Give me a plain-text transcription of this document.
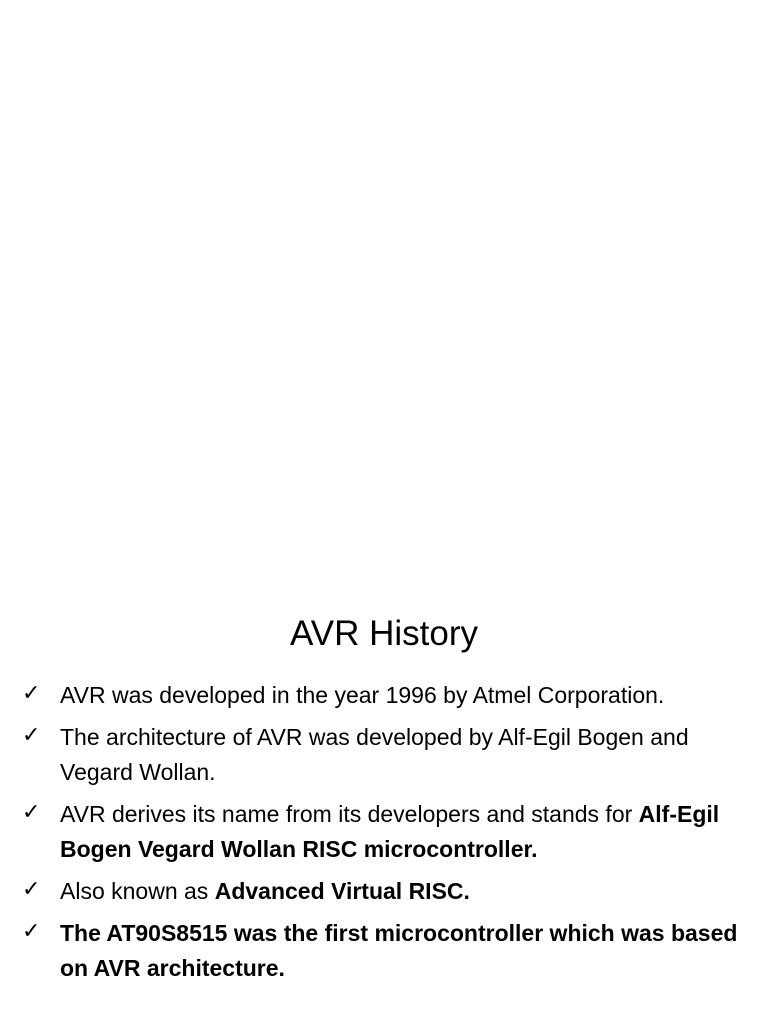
AVR History
✓ AVR was developed in the year 1996 by Atmel Corporation.
✓ The architecture of AVR was developed by Alf-Egil Bogen and Vegard Wollan.
✓ AVR derives its name from its developers and stands for Alf-Egil Bogen Vegard Wollan RISC microcontroller.
✓ Also known as Advanced Virtual RISC.
✓ The AT90S8515 was the first microcontroller which was based on AVR architecture.
